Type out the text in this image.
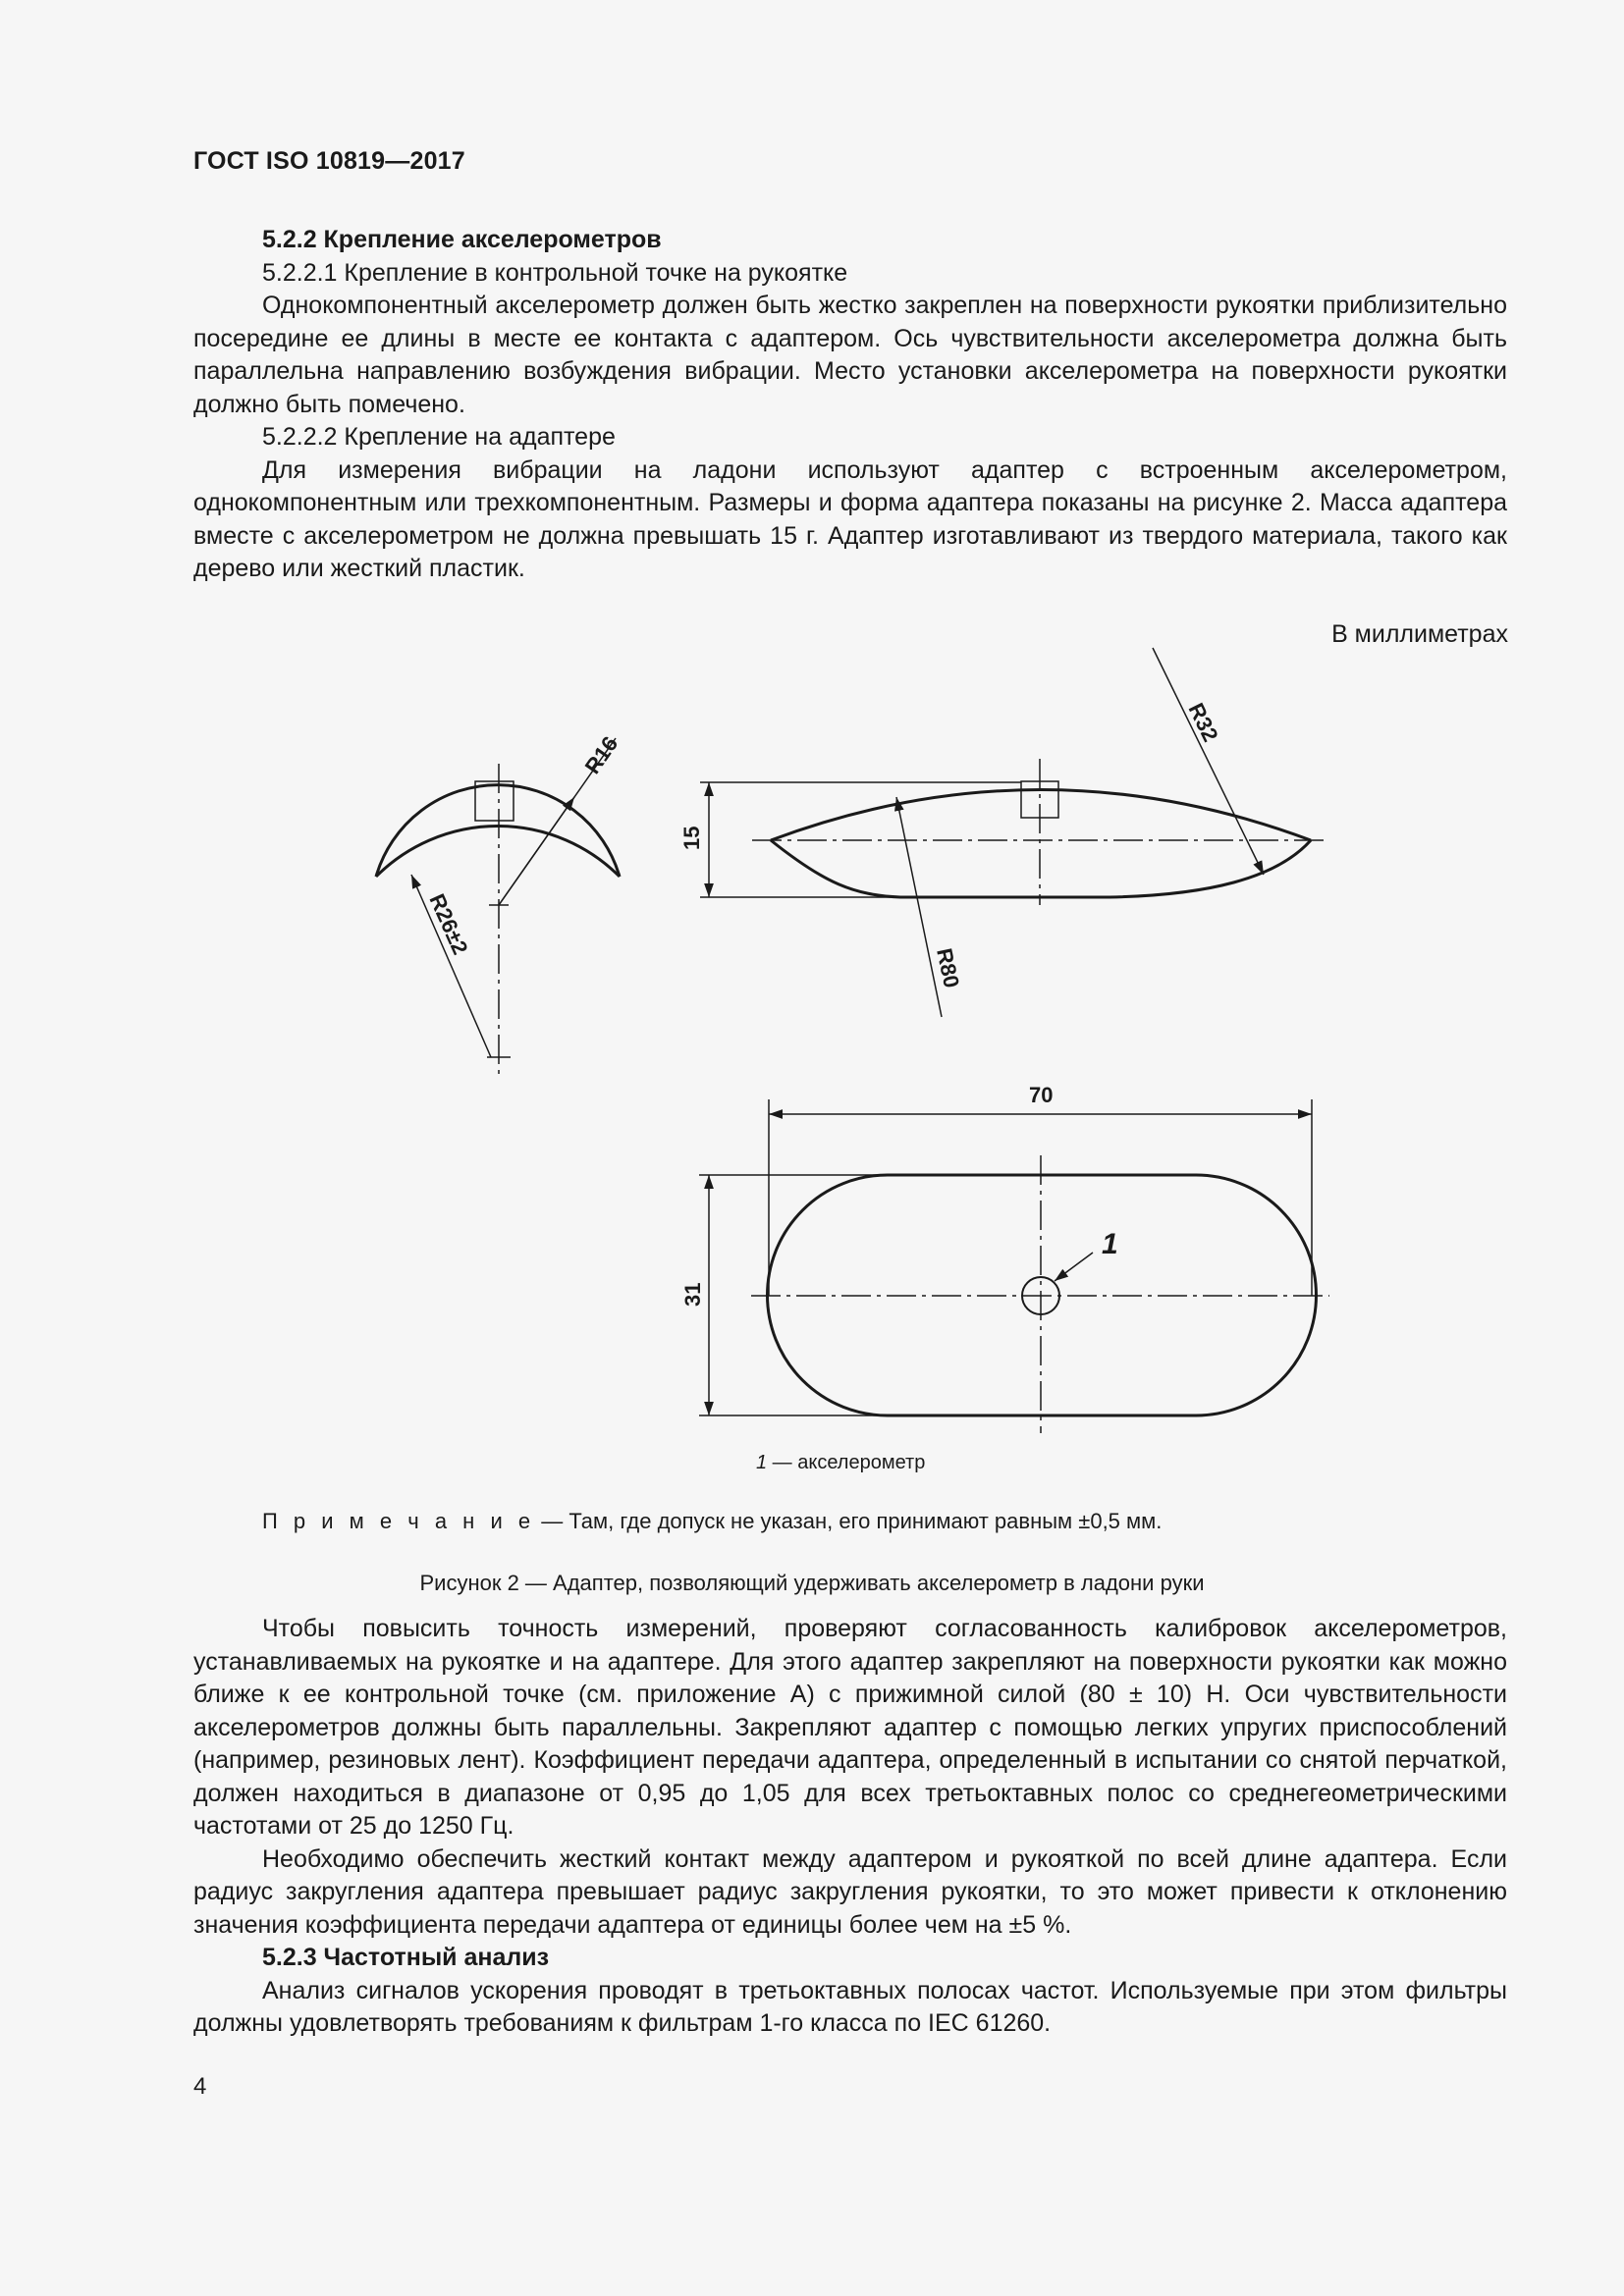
ГОСТ ISO 10819—2017

5.2.2 Крепление акселерометров

5.2.2.1 Крепление в контрольной точке на рукоятке

Однокомпонентный акселерометр должен быть жестко закреплен на поверхности рукоятки приблизительно посередине ее длины в месте ее контакта с адаптером. Ось чувствительности акселерометра должна быть параллельна направлению возбуждения вибрации. Место установки акселерометра на поверхности рукоятки должно быть помечено.

5.2.2.2 Крепление на адаптере

Для измерения вибрации на ладони используют адаптер с встроенным акселерометром, однокомпонентным или трехкомпонентным. Размеры и форма адаптера показаны на рисунке 2. Масса адаптера вместе с акселерометром не должна превышать 15 г. Адаптер изготавливают из твердого материала, такого как дерево или жесткий пластик.

В миллиметрах
R16
R26±2
15
R32
R80
70
31
1
1 — акселерометр
П р и м е ч а н и е — Там, где допуск не указан, его принимают равным ±0,5 мм.
Рисунок 2 — Адаптер, позволяющий удерживать акселерометр в ладони руки

Чтобы повысить точность измерений, проверяют согласованность калибровок акселерометров, устанавливаемых на рукоятке и на адаптере. Для этого адаптер закрепляют на поверхности рукоятки как можно ближе к ее контрольной точке (см. приложение А) с прижимной силой (80 ± 10) Н. Оси чувствительности акселерометров должны быть параллельны. Закрепляют адаптер с помощью легких упругих приспособлений (например, резиновых лент). Коэффициент передачи адаптера, определенный в испытании со снятой перчаткой, должен находиться в диапазоне от 0,95 до 1,05 для всех третьоктавных полос со среднегеометрическими частотами от 25 до 1250 Гц.

Необходимо обеспечить жесткий контакт между адаптером и рукояткой по всей длине адаптера. Если радиус закругления адаптера превышает радиус закругления рукоятки, то это может привести к отклонению значения коэффициента передачи адаптера от единицы более чем на ±5 %.

5.2.3 Частотный анализ

Анализ сигналов ускорения проводят в третьоктавных полосах частот. Используемые при этом фильтры должны удовлетворять требованиям к фильтрам 1-го класса по IEC 61260.

4
